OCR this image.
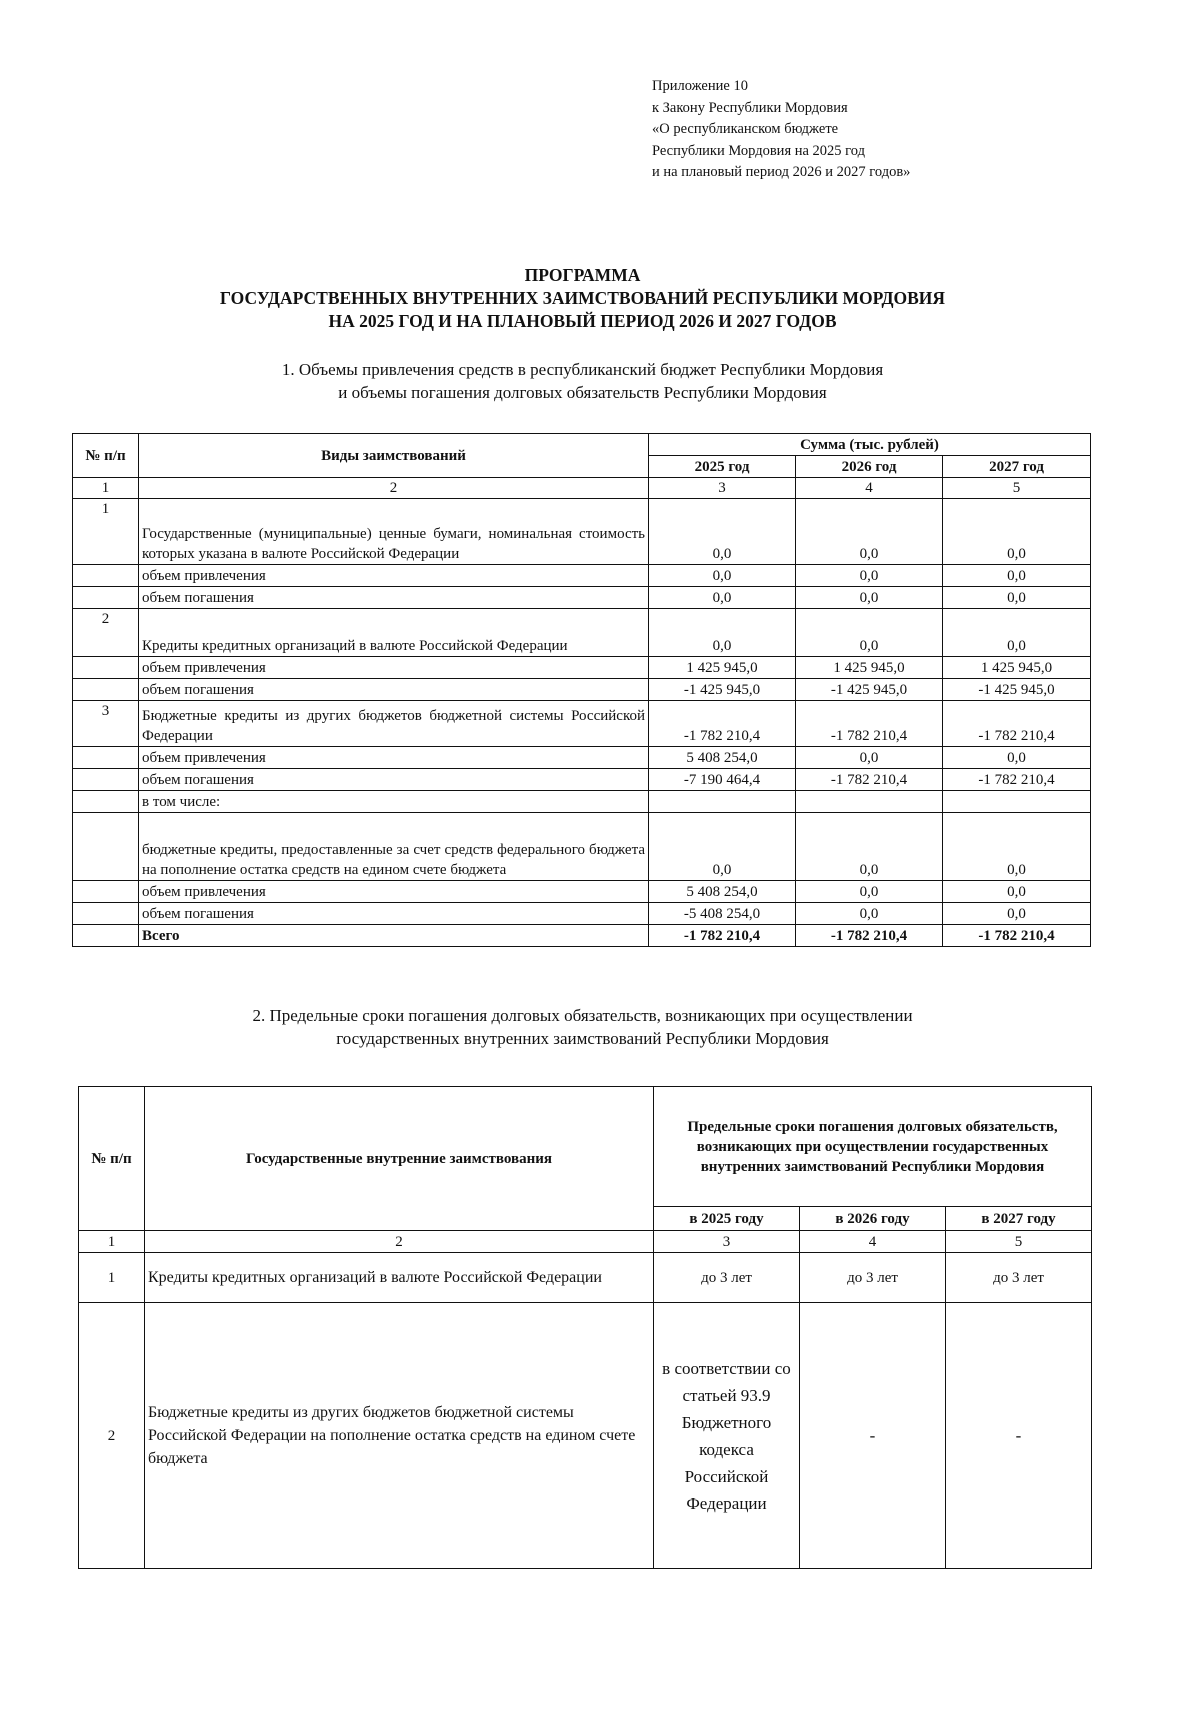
Приложение 10
к Закону Республики Мордовия
«О республиканском бюджете
Республики Мордовия на 2025 год
и на плановый период 2026 и 2027 годов»
ПРОГРАММА
ГОСУДАРСТВЕННЫХ ВНУТРЕННИХ ЗАИМСТВОВАНИЙ РЕСПУБЛИКИ МОРДОВИЯ
НА 2025 ГОД И НА ПЛАНОВЫЙ ПЕРИОД 2026 И 2027 ГОДОВ
1. Объемы привлечения средств в республиканский бюджет Республики Мордовия
и объемы погашения долговых обязательств Республики Мордовия
№ п/п	Виды заимствований	Сумма (тыс. рублей)		
		2025 год	2026 год	2027 год
1	2	3	4	5
1	Государственные (муниципальные) ценные бумаги, номинальная стоимость которых указана в валюте Российской Федерации	0,0	0,0	0,0
	объем привлечения	0,0	0,0	0,0
	объем погашения	0,0	0,0	0,0
2	Кредиты кредитных организаций в валюте Российской Федерации	0,0	0,0	0,0
	объем привлечения	1 425 945,0	1 425 945,0	1 425 945,0
	объем погашения	-1 425 945,0	-1 425 945,0	-1 425 945,0
3	Бюджетные кредиты из других бюджетов бюджетной системы Российской Федерации	-1 782 210,4	-1 782 210,4	-1 782 210,4
	объем привлечения	5 408 254,0	0,0	0,0
	объем погашения	-7 190 464,4	-1 782 210,4	-1 782 210,4
	в том числе:			
	бюджетные кредиты, предоставленные за счет средств федерального бюджета на пополнение остатка средств на едином счете бюджета	0,0	0,0	0,0
	объем привлечения	5 408 254,0	0,0	0,0
	объем погашения	-5 408 254,0	0,0	0,0
	Всего	-1 782 210,4	-1 782 210,4	-1 782 210,4
2. Предельные сроки погашения долговых обязательств, возникающих при осуществлении
государственных внутренних заимствований Республики Мордовия
№ п/п	Государственные внутренние заимствования	Предельные сроки погашения долговых обязательств, возникающих при осуществлении государственных внутренних заимствований Республики Мордовия		
		в 2025 году	в 2026 году	в 2027 году
1	2	3	4	5
1	Кредиты кредитных организаций в валюте Российской Федерации	до 3 лет	до 3 лет	до 3 лет
2	Бюджетные кредиты из других бюджетов бюджетной системы Российской Федерации на пополнение остатка средств на едином счете бюджета	в соответствии со статьей 93.9 Бюджетного кодекса Российской Федерации	-	-
